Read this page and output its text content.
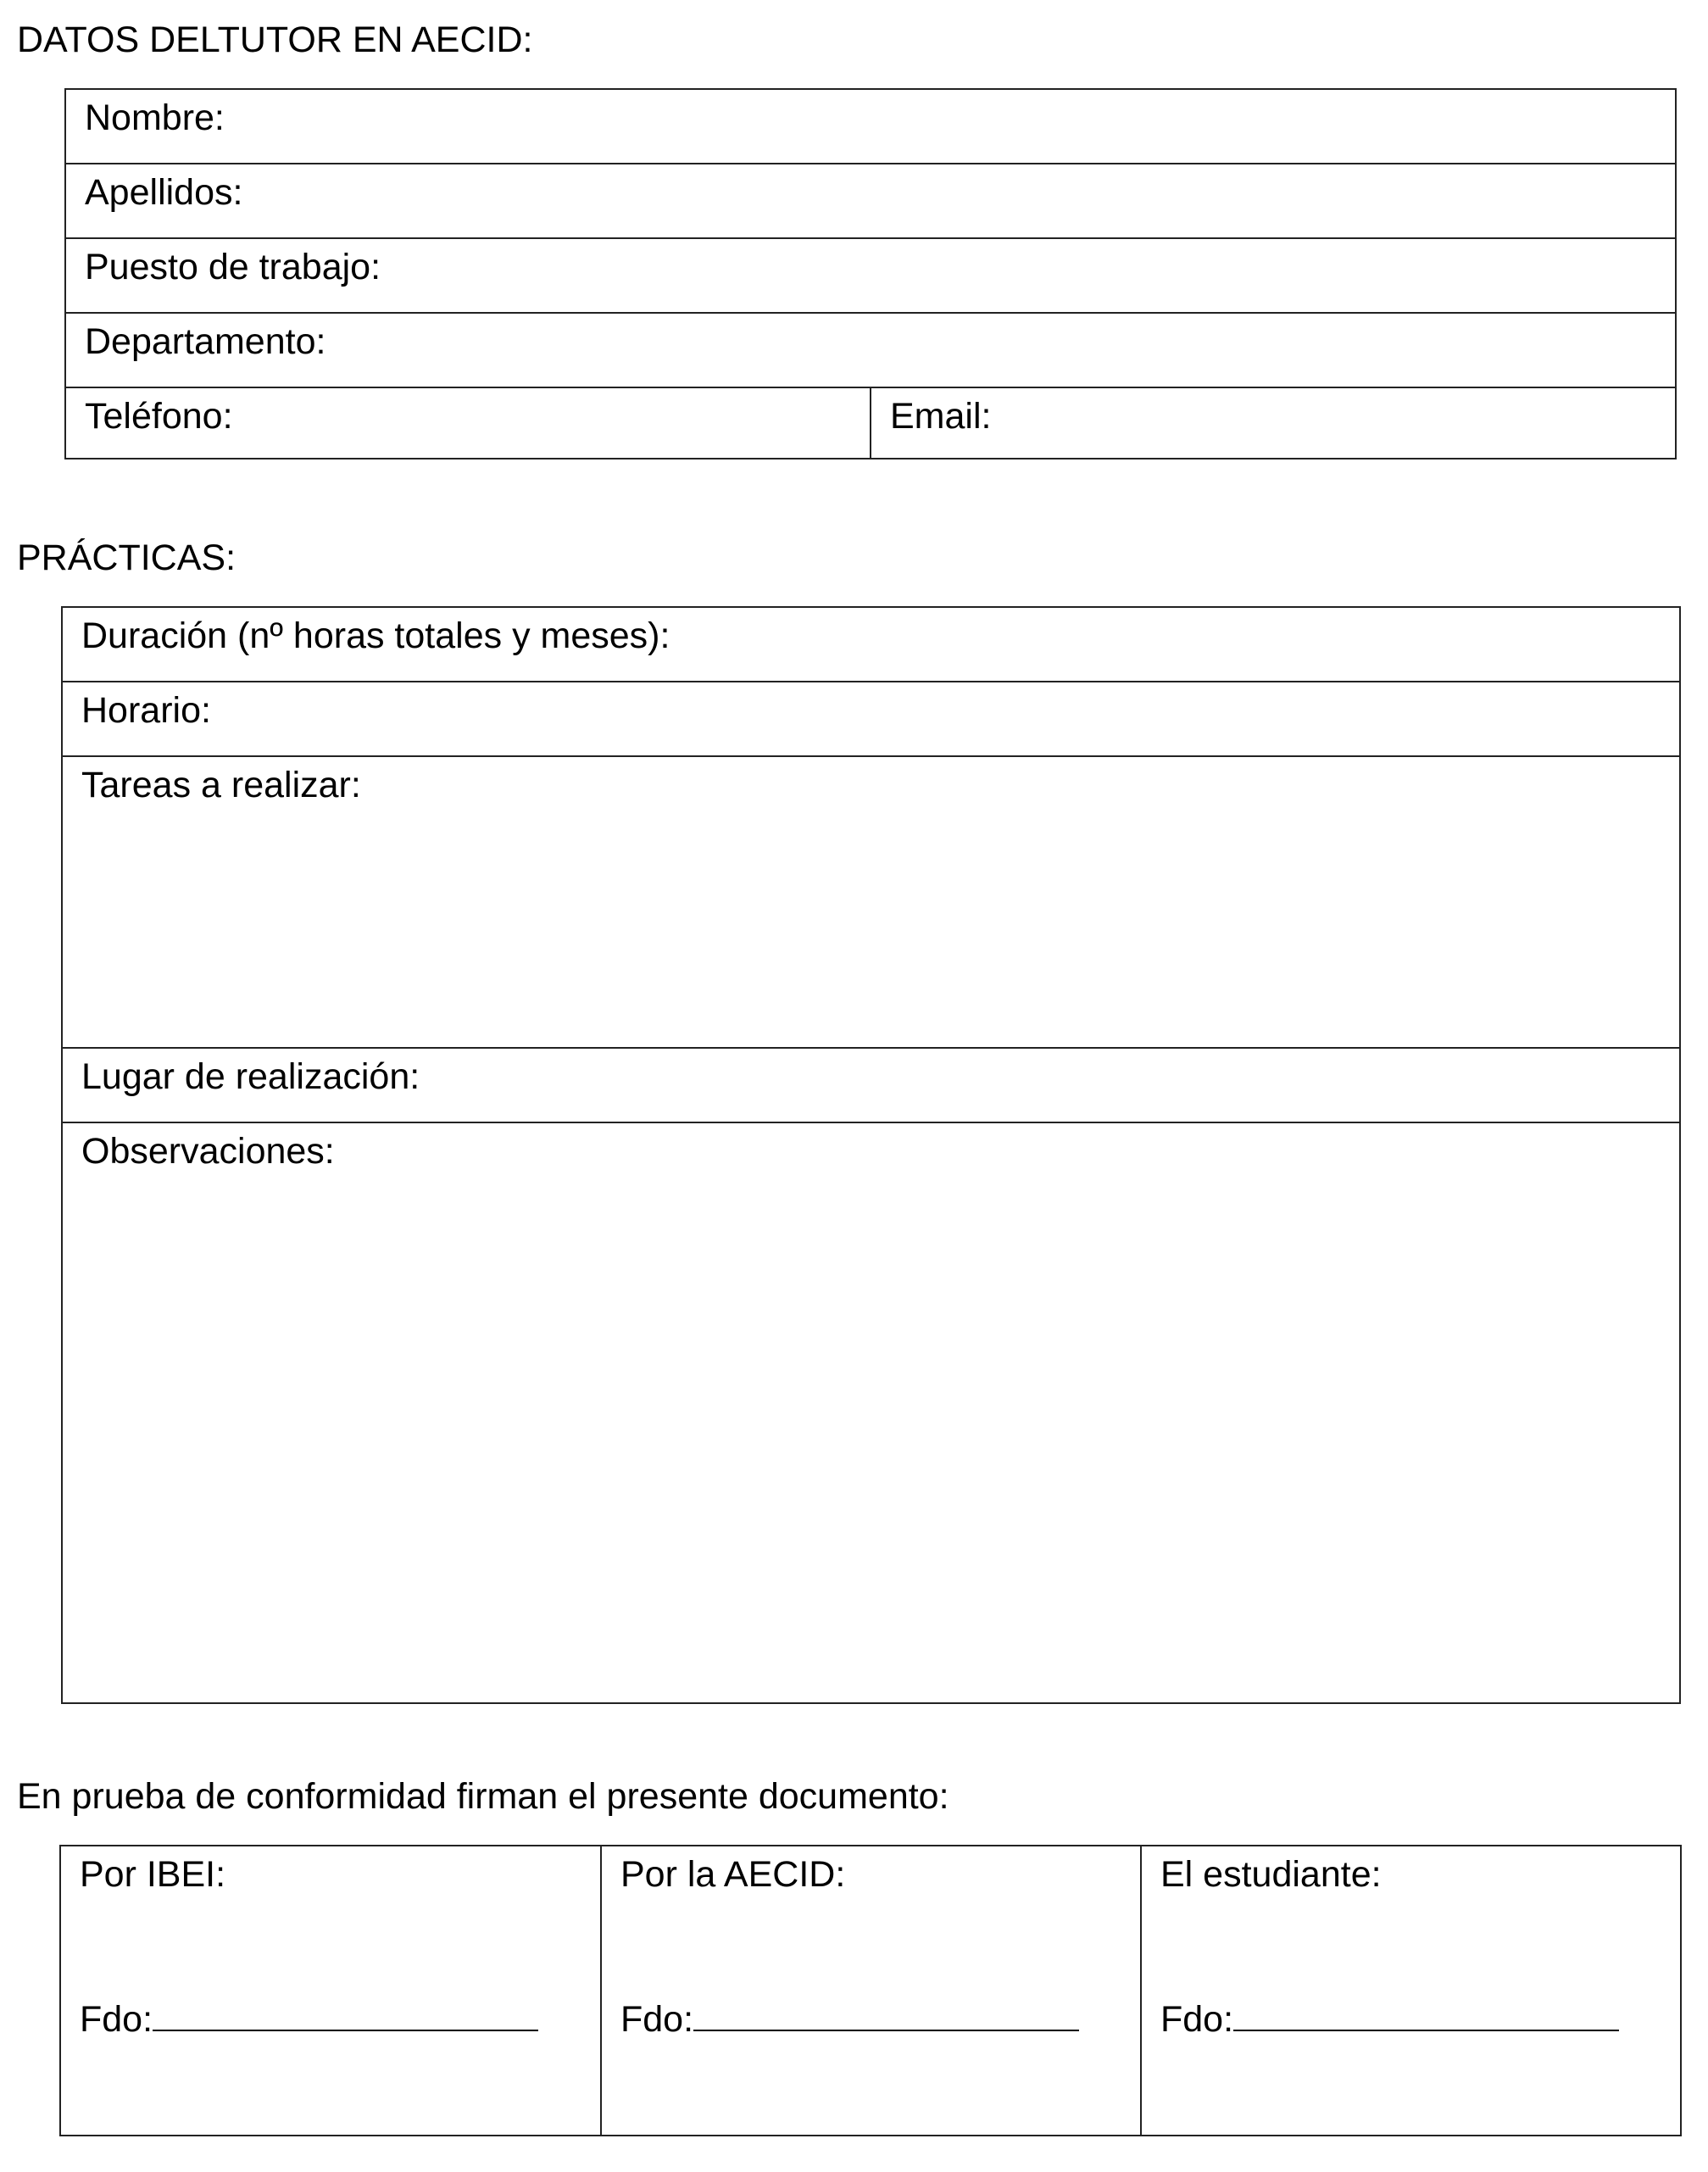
DATOS DELTUTOR EN AECID:
Nombre:
Apellidos:
Puesto de trabajo:
Departamento:
Teléfono:	Email:
PRÁCTICAS:
Duración (nº horas totales y meses):
Horario:
Tareas a realizar:
Lugar de realización:
Observaciones:
En prueba de conformidad firman el presente documento:
Por IBEI:
Fdo:
Por la AECID:
Fdo:
El estudiante:
Fdo:
